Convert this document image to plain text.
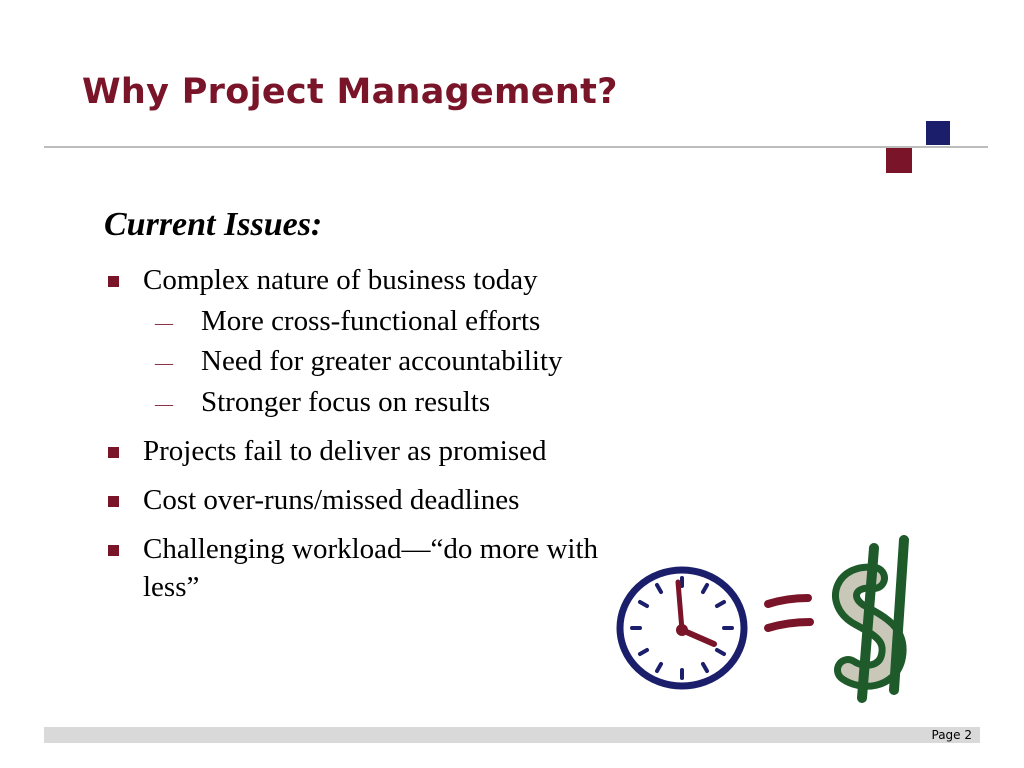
Why Project Management?
Current Issues:
Complex nature of business today
— More cross-functional efforts
— Need for greater accountability
— Stronger focus on results
Projects fail to deliver as promised
Cost over-runs/missed deadlines
Challenging workload—“do more with less”
Page 2
